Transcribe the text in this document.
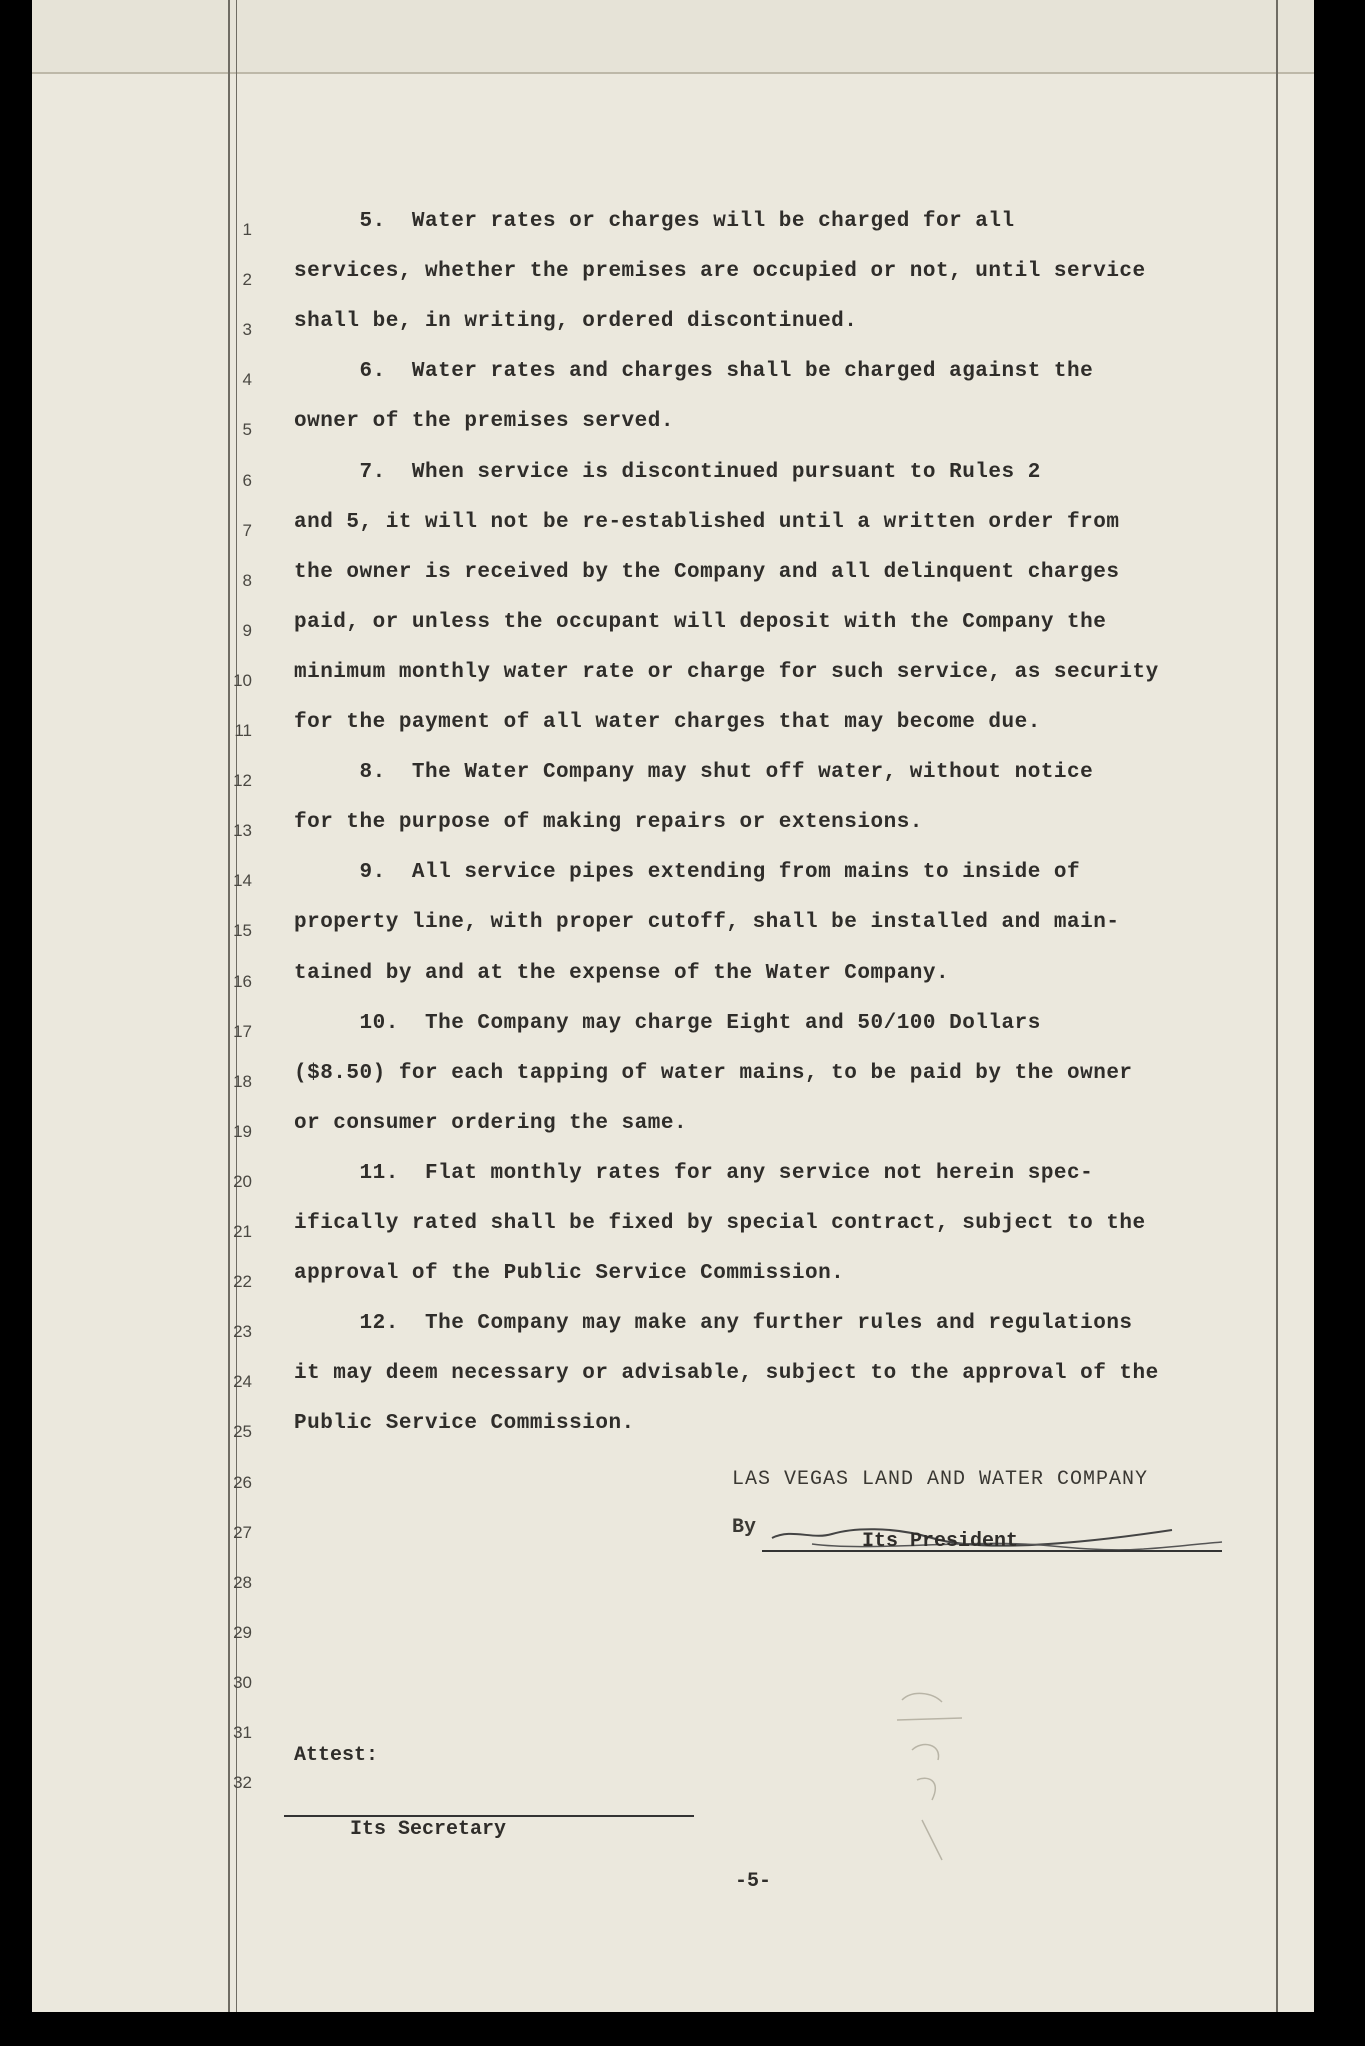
1
2
3
4
5
6
7
8
9
10
11
12
13
14
15
16
17
18
19
20
21
22
23
24
25
26
27
28
29
30
31
32
5.  Water rates or charges will be charged for all
services, whether the premises are occupied or not, until service
shall be, in writing, ordered discontinued.
6.  Water rates and charges shall be charged against the
owner of the premises served.
7.  When service is discontinued pursuant to Rules 2
and 5, it will not be re-established until a written order from
the owner is received by the Company and all delinquent charges
paid, or unless the occupant will deposit with the Company the
minimum monthly water rate or charge for such service, as security
for the payment of all water charges that may become due.
8.  The Water Company may shut off water, without notice
for the purpose of making repairs or extensions.
9.  All service pipes extending from mains to inside of
property line, with proper cutoff, shall be installed and main-
tained by and at the expense of the Water Company.
10.  The Company may charge Eight and 50/100 Dollars
($8.50) for each tapping of water mains, to be paid by the owner
or consumer ordering the same.
11.  Flat monthly rates for any service not herein spec-
ifically rated shall be fixed by special contract, subject to the
approval of the Public Service Commission.
12.  The Company may make any further rules and regulations
it may deem necessary or advisable, subject to the approval of the
Public Service Commission.
LAS VEGAS LAND AND WATER COMPANY
By
Its President
Attest:
Its Secretary
-5-
